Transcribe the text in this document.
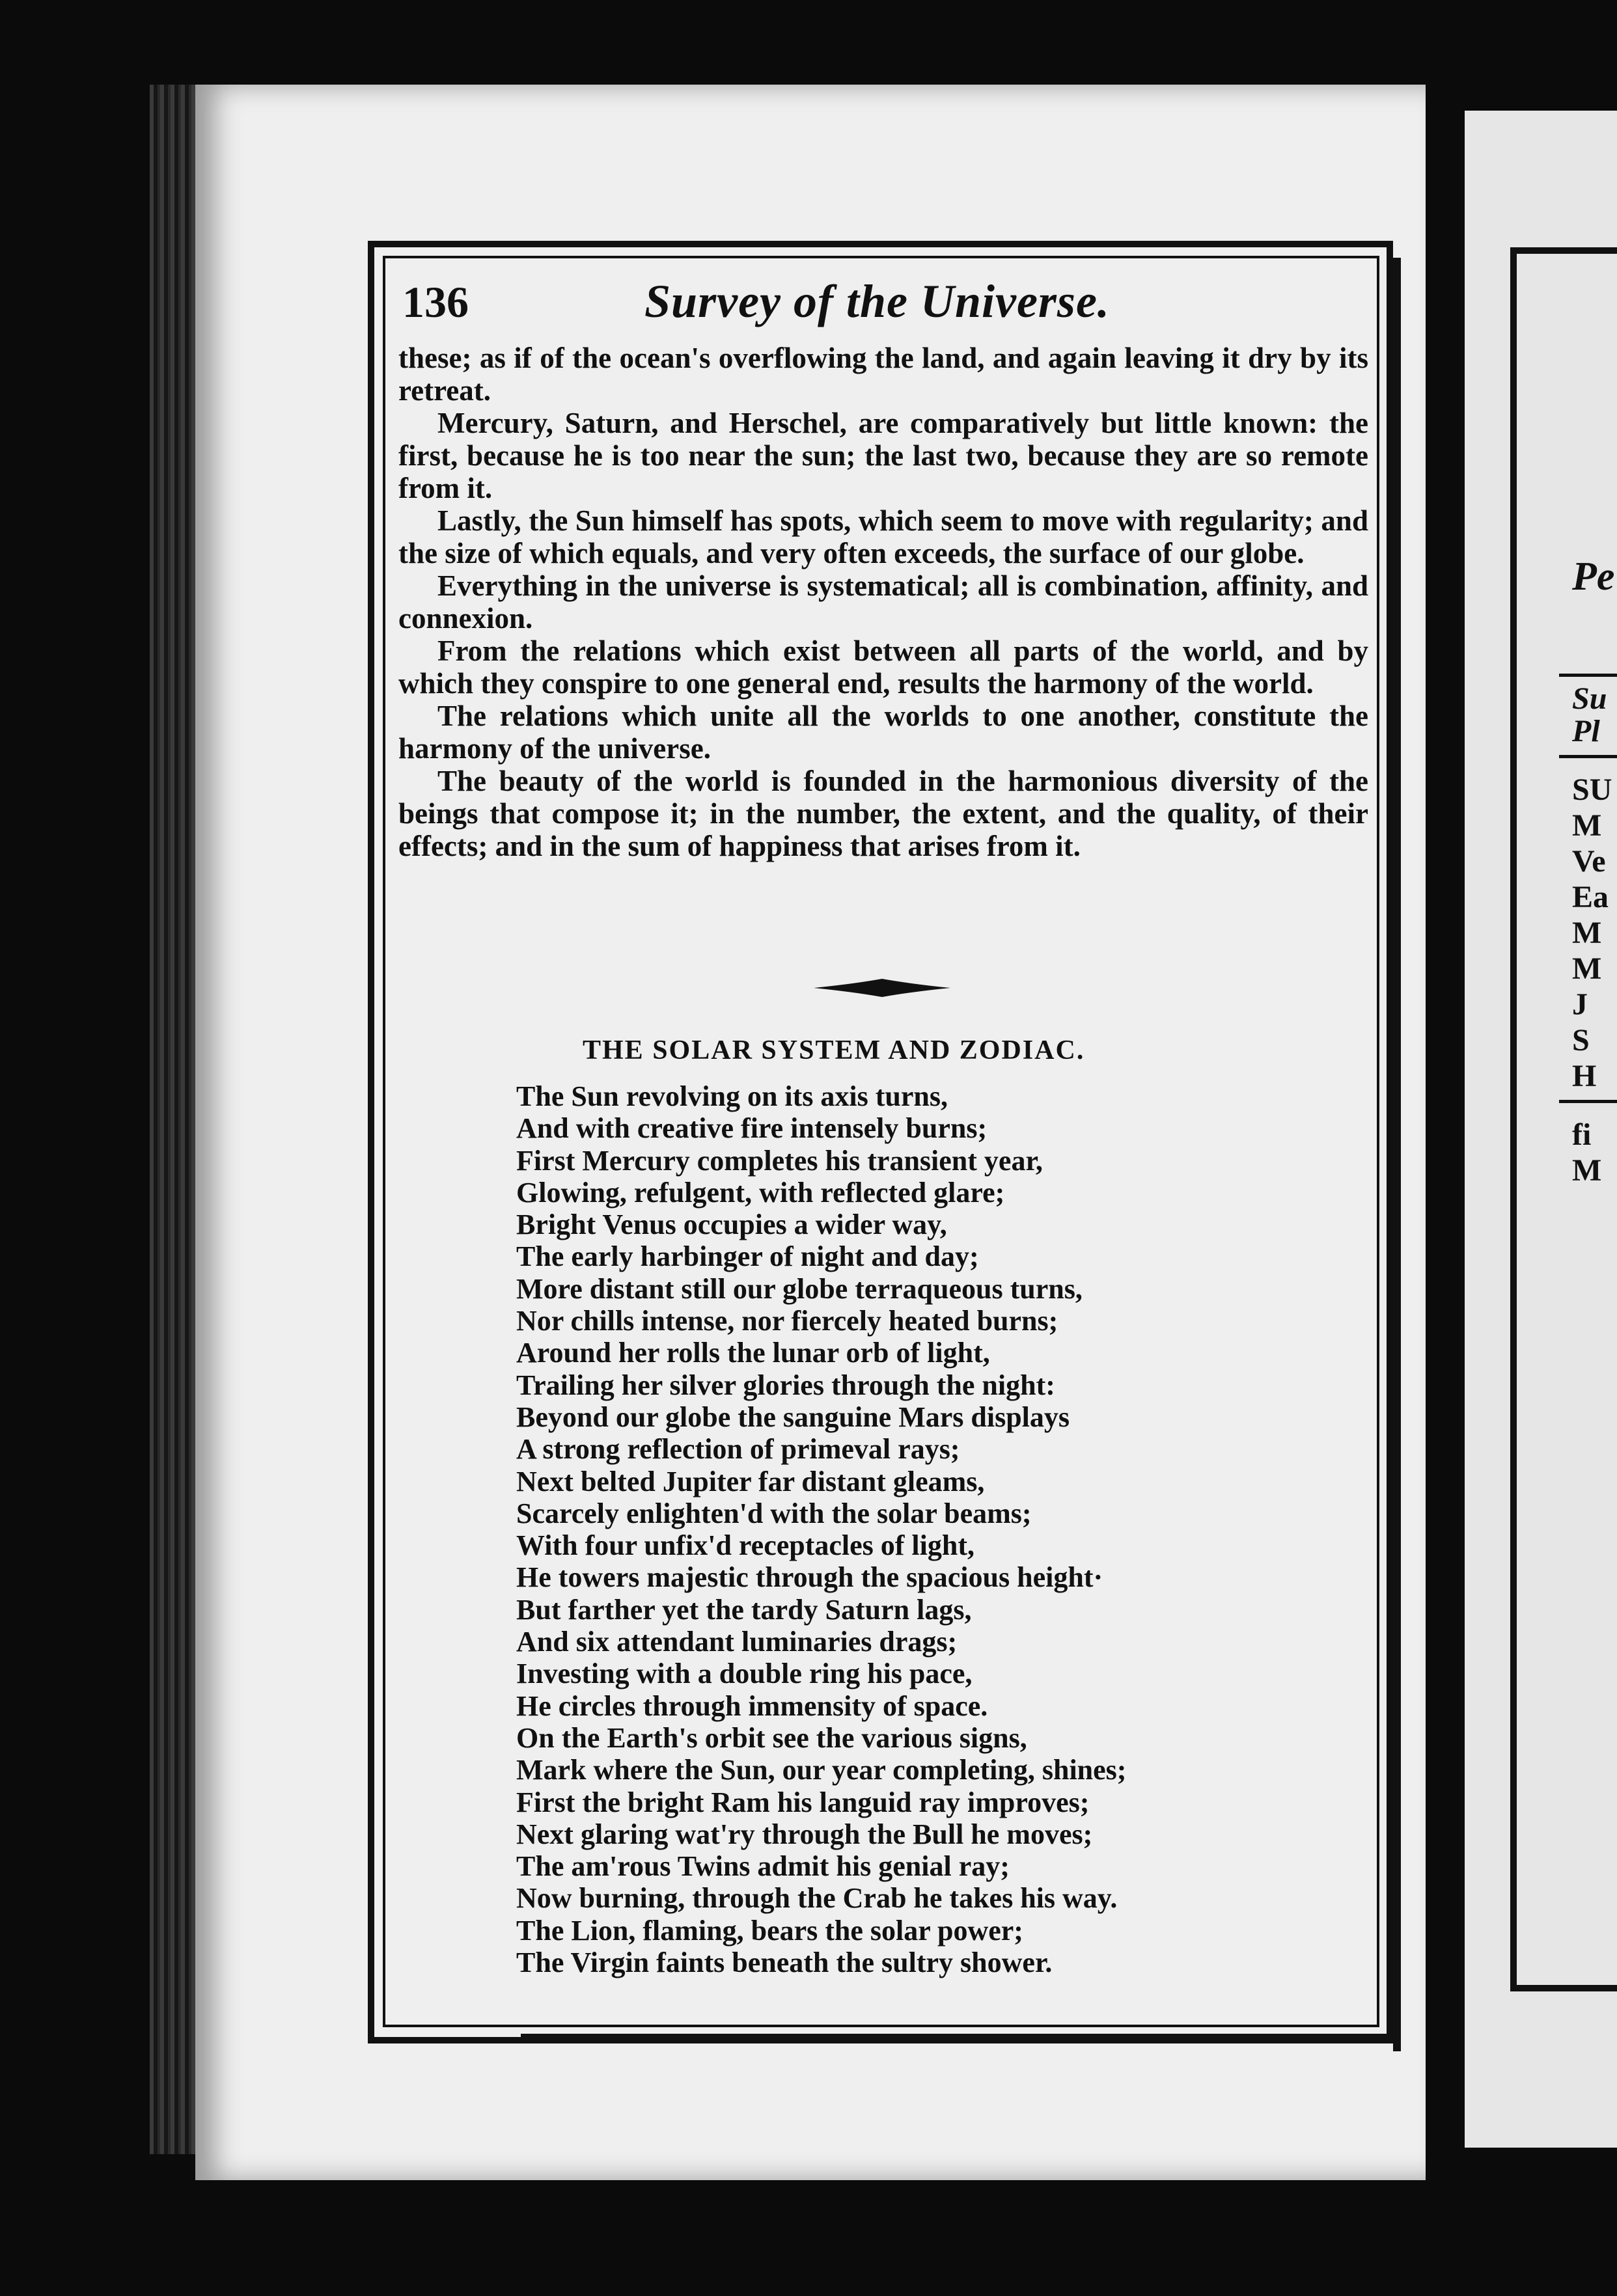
Pe
Su
Pl
SU
M
Ve
Ea
M
M
J
S
H
fi
M
136	Survey of the Universe.

these; as if of the ocean's overflowing the land, and again leaving it dry by its retreat.

Mercury, Saturn, and Herschel, are comparatively but little known: the first, because he is too near the sun; the last two, because they are so remote from it.

Lastly, the Sun himself has spots, which seem to move with regularity; and the size of which equals, and very often exceeds, the surface of our globe.

Everything in the universe is systematical; all is combination, affinity, and connexion.

From the relations which exist between all parts of the world, and by which they conspire to one general end, results the harmony of the world.

The relations which unite all the worlds to one another, constitute the harmony of the universe.

The beauty of the world is founded in the harmonious diversity of the beings that compose it; in the number, the extent, and the quality, of their effects; and in the sum of happiness that arises from it.

THE SOLAR SYSTEM AND ZODIAC.
The Sun revolving on its axis turns,
And with creative fire intensely burns;
First Mercury completes his transient year,
Glowing, refulgent, with reflected glare;
Bright Venus occupies a wider way,
The early harbinger of night and day;
More distant still our globe terraqueous turns,
Nor chills intense, nor fiercely heated burns;
Around her rolls the lunar orb of light,
Trailing her silver glories through the night:
Beyond our globe the sanguine Mars displays
A strong reflection of primeval rays;
Next belted Jupiter far distant gleams,
Scarcely enlighten'd with the solar beams;
With four unfix'd receptacles of light,
He towers majestic through the spacious height·
But farther yet the tardy Saturn lags,
And six attendant luminaries drags;
Investing with a double ring his pace,
He circles through immensity of space.
On the Earth's orbit see the various signs,
Mark where the Sun, our year completing, shines;
First the bright Ram his languid ray improves;
Next glaring wat'ry through the Bull he moves;
The am'rous Twins admit his genial ray;
Now burning, through the Crab he takes his way.
The Lion, flaming, bears the solar power;
The Virgin faints beneath the sultry shower.
